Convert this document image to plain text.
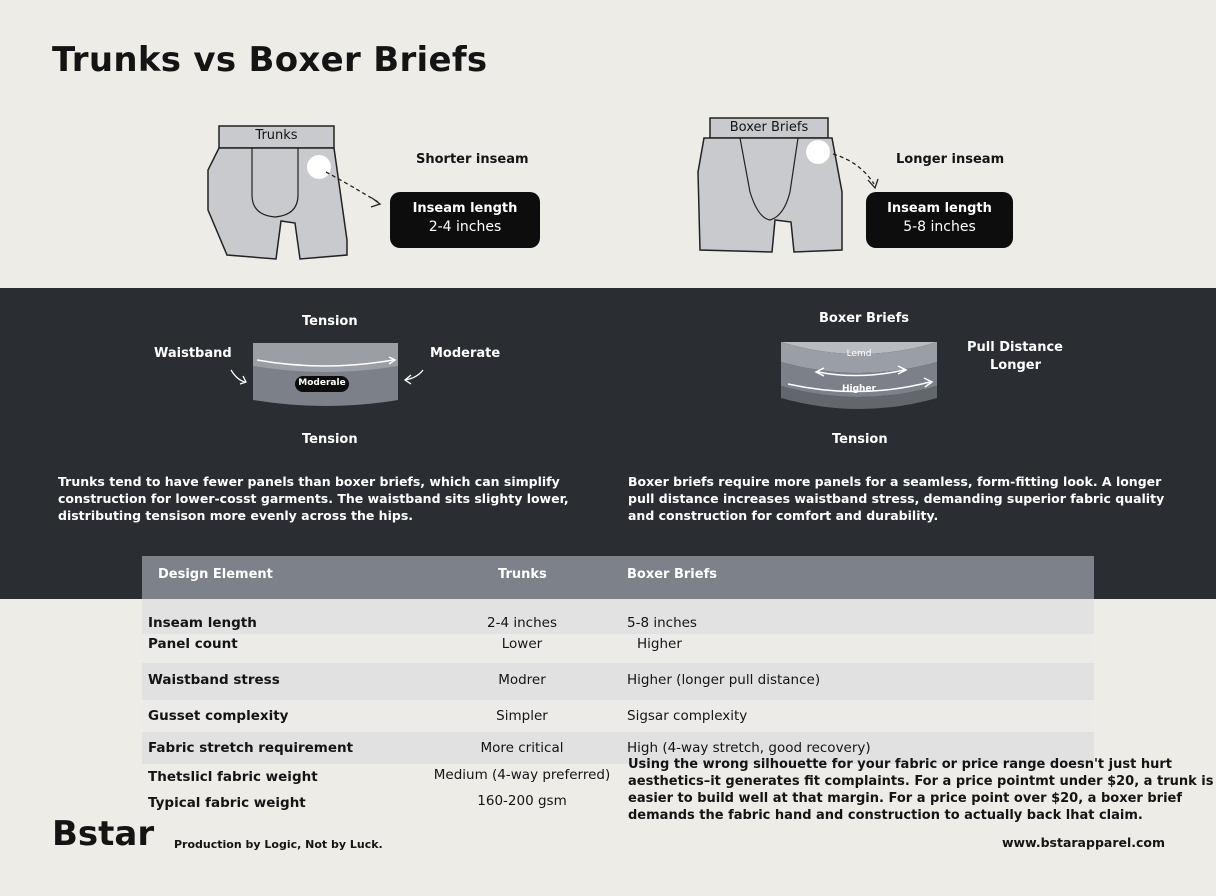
Trunks vs Boxer Briefs
Trunks
Shorter inseam
Inseam length
2-4 inches
Boxer Briefs
Longer inseam
Inseam length
5-8 inches
Tension
Waistband	Moderate
Moderale
Tension
Boxer Briefs
Lemd
Higher
Pull Distance
Longer
Tension
Trunks tend to have fewer panels than boxer briefs, which can simplify
construction for lower-cosst garments. The waistband sits slighty lower,
distributing tensison more evenly across the hips.
Boxer briefs require more panels for a seamless, form-fitting look. A longer
pull distance increases waistband stress, demanding superior fabric quality
and construction for comfort and durability.
Design Element	Trunks	Boxer Briefs
Inseam length	2-4 inches	5-8 inches
Panel count	Lower	Higher
Waistband stress	Modrer	Higher (longer pull distance)
Gusset complexity	Simpler	Sigsar complexity
Fabric stretch requirement	More critical	High (4-way stretch, good recovery)
Thetslicl fabric weight	Medium (4-way preferred)
Typical fabric weight	160-200 gsm
Using the wrong silhouette for your fabric or price range doesn't just hurt
aesthetics–it generates fit complaints. For a price pointmt under $20, a trunk is
easier to build well at that margin. For a price point over $20, a boxer brief
demands the fabric hand and construction to actually back lhat claim.
Bstar Production by Logic, Not by Luck.	www.bstarapparel.com
